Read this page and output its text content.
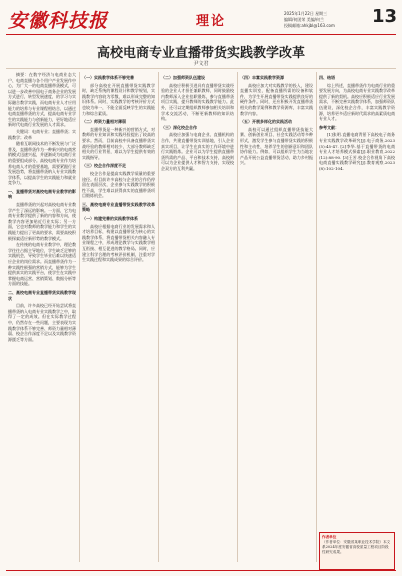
安徽科技报	理论
2025年1月22日 星期三
编辑/何团荣 美编/何兰
投稿邮箱:ahkjbl@163.com 13
高校电商专业直播带货实践教学改革
尹文君

摘要：在数字经济与电商业态大户、电商直播与各个用户产业发展作中心，为广大一的电商直播带货模式，可以进一步改善中国电子商务企业的发展方式进行，转型发展速度，的学习与实际融合教学实践，而电商专业人才应用能力的培养与专业课程相结合，以通过电商直播带货的方式，提高电商专业学生的实践能力与创新能力，更好地适应新时代电商行业发展的人才需求。

关键词：电商专业；直播带货；实践教学；改革

随着互联网技术的不断发展与广泛普及，直播带货作为一种新兴的电商营销模式迅速兴起，并逐渐成为电商行业的重要组成部分。高校电商专业作为培养电商人才的重要基地，需要紧跟行业发展趋势，将直播带货纳入专业实践教学体系，以提高学生的实践能力和就业竞争力。

一、直播带货对高校电商专业教学的影响

直播带货的兴起对高校电商专业教学产生了深远的影响。一方面，它为电商专业教学提供了新的内容和方向，使教学内容更加贴近行业实际；另一方面，它也对教师的教学能力和学生的实践能力提出了更高的要求，需要高校积极探索适应新形势的教学模式。

在传统的电商专业教学中，理论教学往往占据主导地位，学生缺乏足够的实践机会，导致学生毕业后难以快速适应企业的岗位需求。而直播带货作为一种实践性极强的营销方式，能够为学生提供真实的实践平台，使学生在实践中掌握电商运营、营销策划、数据分析等方面的技能。

二、高校电商专业直播带货实践教学现状

目前，许多高校已经开始尝试将直播带货纳入电商专业实践教学之中，取得了一定的成效。但在实际教学过程中，仍然存在一些问题，主要表现为实践教学体系不够完善、师资力量相对薄弱、校企合作深度不足以及实践教学资源匮乏等方面。

（一）实践教学体系不够完善

部分高校在开展直播带货实践教学时，缺乏系统的课程设计和教学规划，实践教学内容较为零散，难以形成完整的知识体系。同时，实践教学的考核评价方式也较为单一，不能全面反映学生的实践能力和综合素质。

（二）师资力量相对薄弱

直播带货是一种新兴的营销方式，对教师的专业知识和实践经验提出了较高的要求。然而，目前高校中具备直播带货实战经验的教师相对较少，大部分教师缺乏相关的行业背景，难以为学生提供有效的实践指导。

（三）校企合作深度不足

校企合作是提高实践教学质量的重要途径。但目前许多高校与企业的合作仍停留在表面层次，企业参与实践教学的积极性不高，学生难以获得真实的直播带货项目锻炼机会。

三、高校电商专业直播带货实践教学改革策略

（一）构建完善的实践教学体系

高校应根据电商行业的发展需求和人才培养目标，构建以直播带货为核心的实践教学体系，将直播带货相关内容融入专业课程之中，形成理论教学与实践教学相互衔接、相互促进的教学格局。同时，应建立科学合理的考核评价机制，注重对学生实践过程和实践成果的综合评价。

（二）加强师资队伍建设

高校应积极引进具有直播带货实战经验的企业人才担任兼职教师，同时鼓励校内教师深入企业挂职锻炼，参与直播带货项目实践，提升教师的实践教学能力。此外，还可以定期组织教师参加相关培训和学术交流活动，不断更新教师的知识结构。

（三）深化校企合作

高校应加强与电商企业、直播机构的合作，共建直播带货实训基地，引入企业真实项目，让学生在真实的工作环境中进行实践锻炼。企业可以为学生提供直播带货所需的产品、平台和技术支持，高校则可以为企业提供人才和智力支持，实现校企双方的互利共赢。

（四）丰富实践教学资源

高校应加大对实践教学的投入，建设直播实训室，配备直播所需的设备和软件，为学生开展直播带货实践提供良好的硬件条件。同时，还应积极开发直播带货相关的教学案例和教学资源库，丰富实践教学内容。

（五）开展多样化的实践活动

高校可以通过组织直播带货技能大赛、创新创业项目、社会实践活动等多种形式，激发学生参与直播带货实践的积极性和主动性，培养学生的创新意识和团队协作能力。例如，可以组织学生为当地农产品开展公益直播带货活动，助力乡村振兴。

四、结语

综上所述，直播带货作为电商行业的重要发展方向，为高校电商专业实践教学改革提供了新的契机。高校应积极适应行业发展需求，不断完善实践教学体系，加强师资队伍建设，深化校企合作，丰富实践教学资源，培养更多适应新时代需求的高素质电商专业人才。

参考文献：

[1]张明.直播电商背景下高校电子商务专业实践教学改革研究[J].电子商务,2023(5):45-47. [2]李华.基于直播带货的电商专业人才培养模式探索[J].职业教育,2022(12):88-90. [3]王芳.校企合作视角下高校电商直播实践教学研究[J].教育观察,2023(8):102-104.

作者单位
（作者单位：安徽省某职业技术学院）本文系2024年度安徽省高校质量工程项目阶段性研究成果。
